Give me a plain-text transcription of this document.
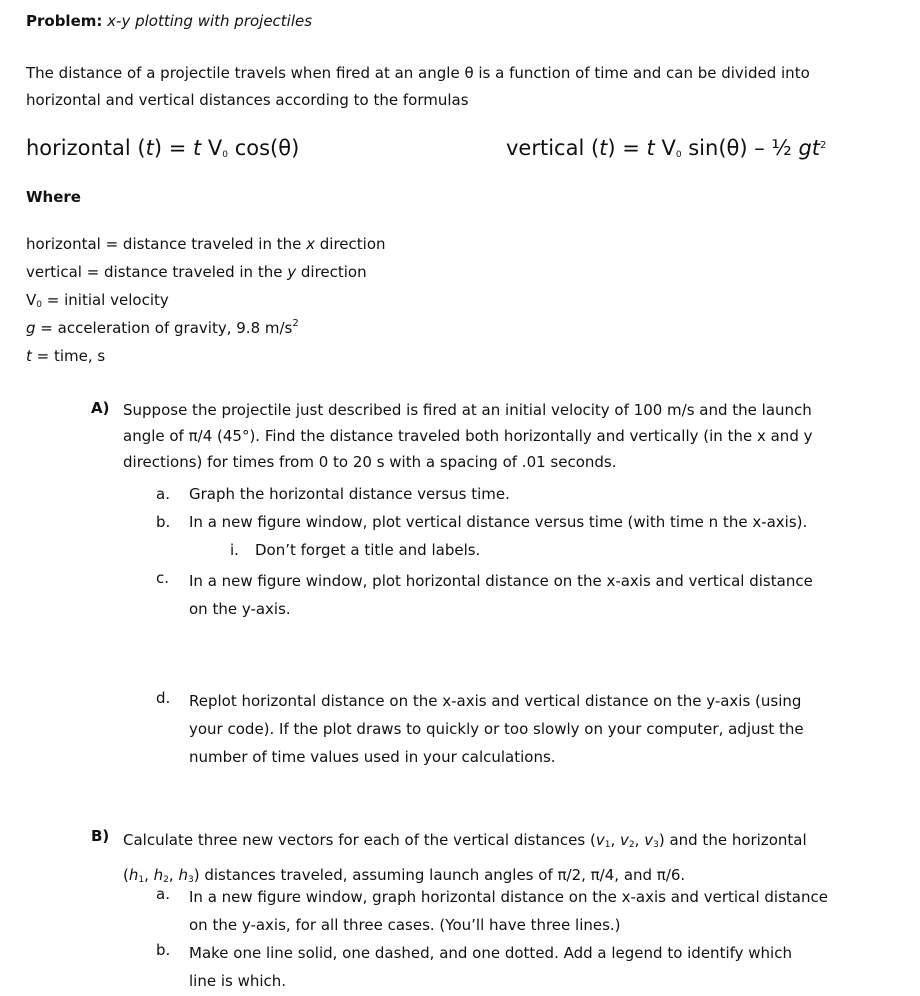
Problem: x-y plotting with projectiles
The distance of a projectile travels when fired at an angle θ is a function of time and can be divided into
horizontal and vertical distances according to the formulas
horizontal (t) = t $V_0$ cos(θ)	vertical (t) = t $V_0$ sin(θ) – ½ $gt^2$
Where
horizontal = distance traveled in the x direction
vertical = distance traveled in the y direction
$V_0$ = initial velocity
g = acceleration of gravity, 9.8 $m/s^2$
t = time, s
A) Suppose the projectile just described is fired at an initial velocity of 100 m/s and the launch
angle of π/4 (45°). Find the distance traveled both horizontally and vertically (in the x and y
directions) for times from 0 to 20 s with a spacing of .01 seconds.
a. Graph the horizontal distance versus time.
b. In a new figure window, plot vertical distance versus time (with time n the x-axis).
i. Don’t forget a title and labels.
c. In a new figure window, plot horizontal distance on the x-axis and vertical distance
on the y-axis.
d. Replot horizontal distance on the x-axis and vertical distance on the y-axis (using
your code). If the plot draws to quickly or too slowly on your computer, adjust the
number of time values used in your calculations.
B) Calculate three new vectors for each of the vertical distances ($v_1$, $v_2$, $v_3$) and the horizontal
($h_1$, $h_2$, $h_3$) distances traveled, assuming launch angles of π/2, π/4, and π/6.
a. In a new figure window, graph horizontal distance on the x-axis and vertical distance
on the y-axis, for all three cases. (You’ll have three lines.)
b. Make one line solid, one dashed, and one dotted. Add a legend to identify which
line is which.
